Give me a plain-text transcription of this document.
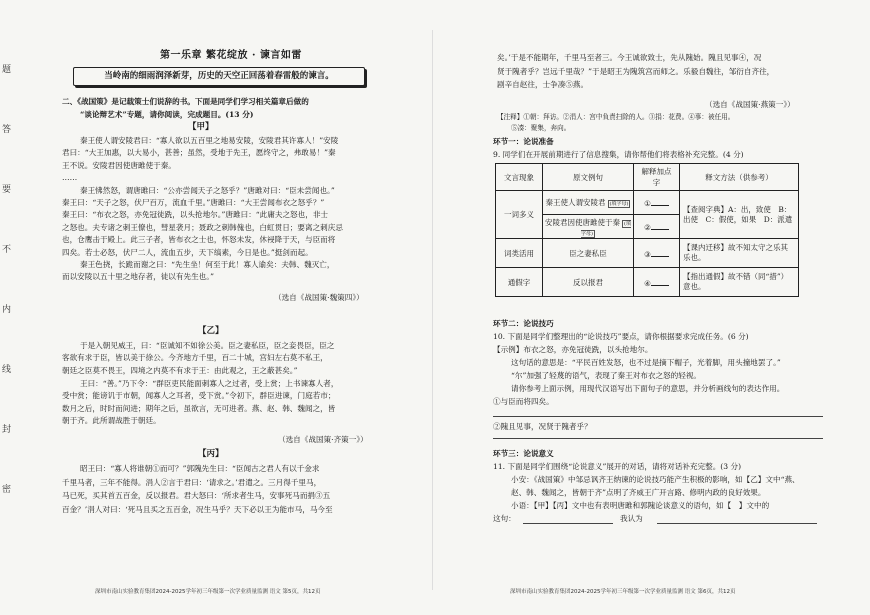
题
答
要
不
内
线
封
密
第一乐章 繁花绽放 · 谏言如雷
当岭南的细雨润泽新芽，历史的天空正回荡着春雷般的谏言。
深圳市南山实验教育集团2024-2025学年初三年级第一次学业质量监测 语文 第5页，共12页
二、《战国策》是记载策士们说辞的书。下面是同学们学习相关篇章后做的
“谈论辩艺术”专题，请你阅读，完成题目。(13 分)
【甲】
秦王使人谓安陵君曰：“寡人欲以五百里之地易安陵，安陵君其许寡人！”安陵
君曰：“大王加惠，以大易小，甚善；虽然，受地于先王，愿终守之，弗敢易！”秦
王不说。安陵君因使唐雎使于秦。
……
秦王怫然怒，谓唐雎曰：“公亦尝闻天子之怒乎？”唐雎对曰：“臣未尝闻也。”
秦王曰：“天子之怒，伏尸百万，流血千里。”唐雎曰：“大王尝闻布衣之怒乎？”
秦王曰：“布衣之怒，亦免冠徒跣，以头抢地尔。”唐雎曰：“此庸夫之怒也，非士
之怒也。夫专诸之刺王僚也，彗星袭月；聂政之刺韩傀也，白虹贯日；要离之刺庆忌
也，仓鹰击于殿上。此三子者，皆布衣之士也，怀怒未发，休祲降于天，与臣而将
四矣。若士必怒，伏尸二人，流血五步，天下缟素，今日是也。”挺剑而起。
秦王色挠，长跪而谢之曰：“先生坐！何至于此！寡人谕矣：夫韩、魏灭亡，
而以安陵以五十里之地存者，徒以有先生也。”
（选自《战国策·魏策四》）
【乙】
于是入朝见威王，曰：“臣诚知不如徐公美。臣之妻私臣，臣之妾畏臣，臣之
客欲有求于臣，皆以美于徐公。今齐地方千里，百二十城，宫妇左右莫不私王，
朝廷之臣莫不畏王，四境之内莫不有求于王：由此观之，王之蔽甚矣。”
王曰：“善。”乃下令：“群臣吏民能面刺寡人之过者，受上赏；上书谏寡人者，
受中赏；能谤讥于市朝，闻寡人之耳者，受下赏。”令初下，群臣进谏，门庭若市；
数月之后，时时而间进；期年之后，虽欲言，无可进者。燕、赵、韩、魏闻之，皆
朝于齐。此所谓战胜于朝廷。
（选自《战国策·齐策一》）
【丙】
昭王曰：“寡人将谁朝①而可？”郭隗先生曰：“臣闻古之君人有以千金求
千里马者，三年不能得。涓人②言于君曰：‘请求之。’君遣之。三月得千里马，
马已死，买其首五百金，反以报君。君大怒曰：‘所求者生马，安事死马而捐③五
百金？’涓人对曰：‘死马且买之五百金，况生马乎？天下必以王为能市马，马今至
深圳市南山实验教育集团2024-2025学年初三年级第一次学业质量监测 语文 第6页，共12页
矣。’于是不能期年，千里马至者三。今王诚欲致士，先从隗始。隗且见事④，况
贤于隗者乎？岂远千里哉？”于是昭王为隗筑宫而师之。乐毅自魏往，邹衍自齐往，
剧辛自赵往，士争凑⑤燕。
（选自《战国策·燕策一》）
【注释】①朝：拜访。②涓人：宫中負責扫除的人。③捐：花费。④事：被任用。
⑤凑：聚集，奔向。
环节一：论说准备
9. 同学们在开展前期进行了信息搜集，请你帮他们将表格补充完整。(4 分)
环节二：论说技巧
10. 下面是同学们整理出的“论说技巧”要点，请你根据要求完成任务。(6 分)
【示例】布衣之怒，亦免冠徒跣，以头抢地尔。
这句话的意思是：“平民百姓发怒，也不过是摘下帽子，光着脚，用头撞地罢了。”
“尔”加强了轻蔑的语气，表现了秦王对布衣之怒的轻视。
请你参考上面示例，用现代汉语写出下面句子的意思，并分析画线句的表达作用。
①与臣而将四矣。
②隗且见事，况贤于隗者乎？
环节三：论说意义
11. 下面是同学们围绕“论说意义”展开的对话，请将对话补充完整。(3 分)
小安：《战国策》中邹忌讽齐王纳谏的论说技巧能产生积极的影响，如【乙】文中“燕、
赵、韩、魏闻之，皆朝于齐”点明了齐威王广开言路、修明内政的良好效果。
小语：【甲】【丙】文中也有表明唐雎和郭隗论谈意义的语句，如【　】文中的
这句：	我认为
文言现象	原文例句	解释加点字	释文方法（供参考）
一词多义	秦王使人谓安陵君 (填字母)	①	【查阅字典】A：出，致使　B：出使　C：假使，如果　D：派遣
	安陵君因使唐雎使于秦 (填字母)	②	
词类活用	臣之妻私臣	③	【课内迁移】故不知太守之乐其乐也。
通假字	反以报君	④	【指出通假】故不错（同“措”）意也。
